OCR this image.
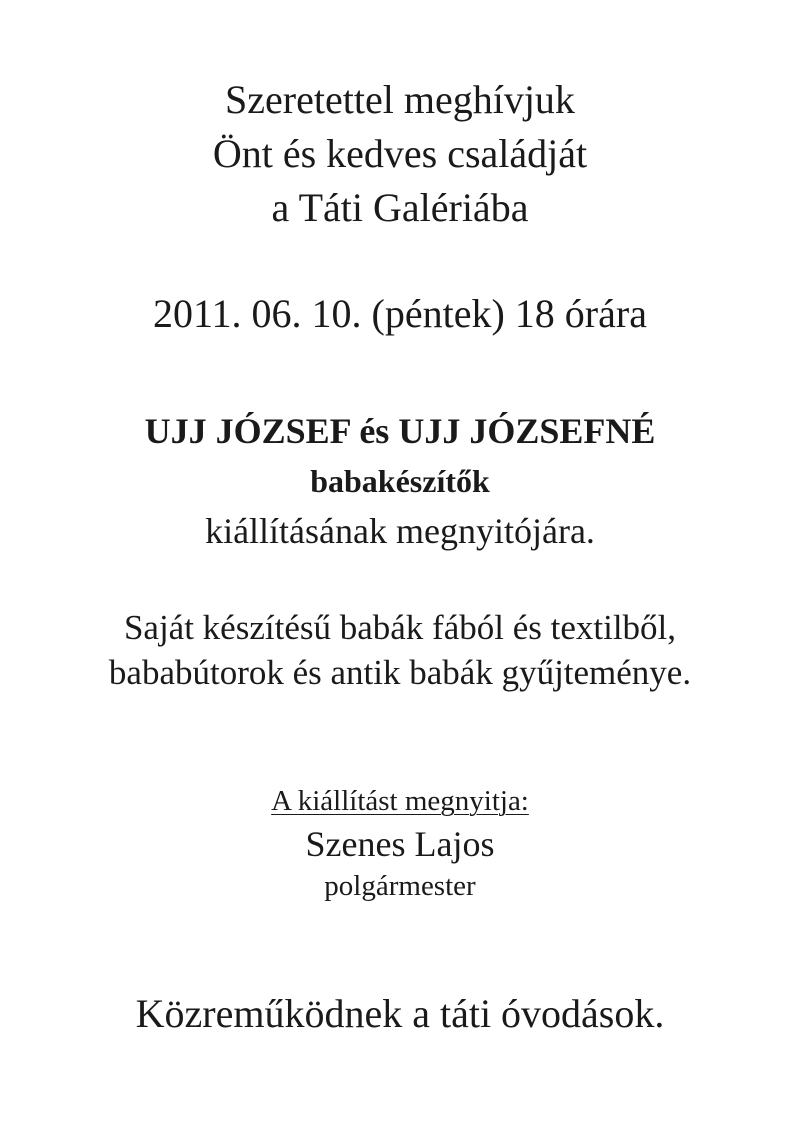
Szeretettel meghívjuk

Önt és kedves családját

a Táti Galériába

2011. 06. 10. (péntek) 18 órára

UJJ JÓZSEF és UJJ JÓZSEFNÉ

babakészítők

kiállításának megnyitójára.

Saját készítésű babák fából és textilből,

bababútorok és antik babák gyűjteménye.

A kiállítást megnyitja:

Szenes Lajos

polgármester

Közreműködnek a táti óvodások.
